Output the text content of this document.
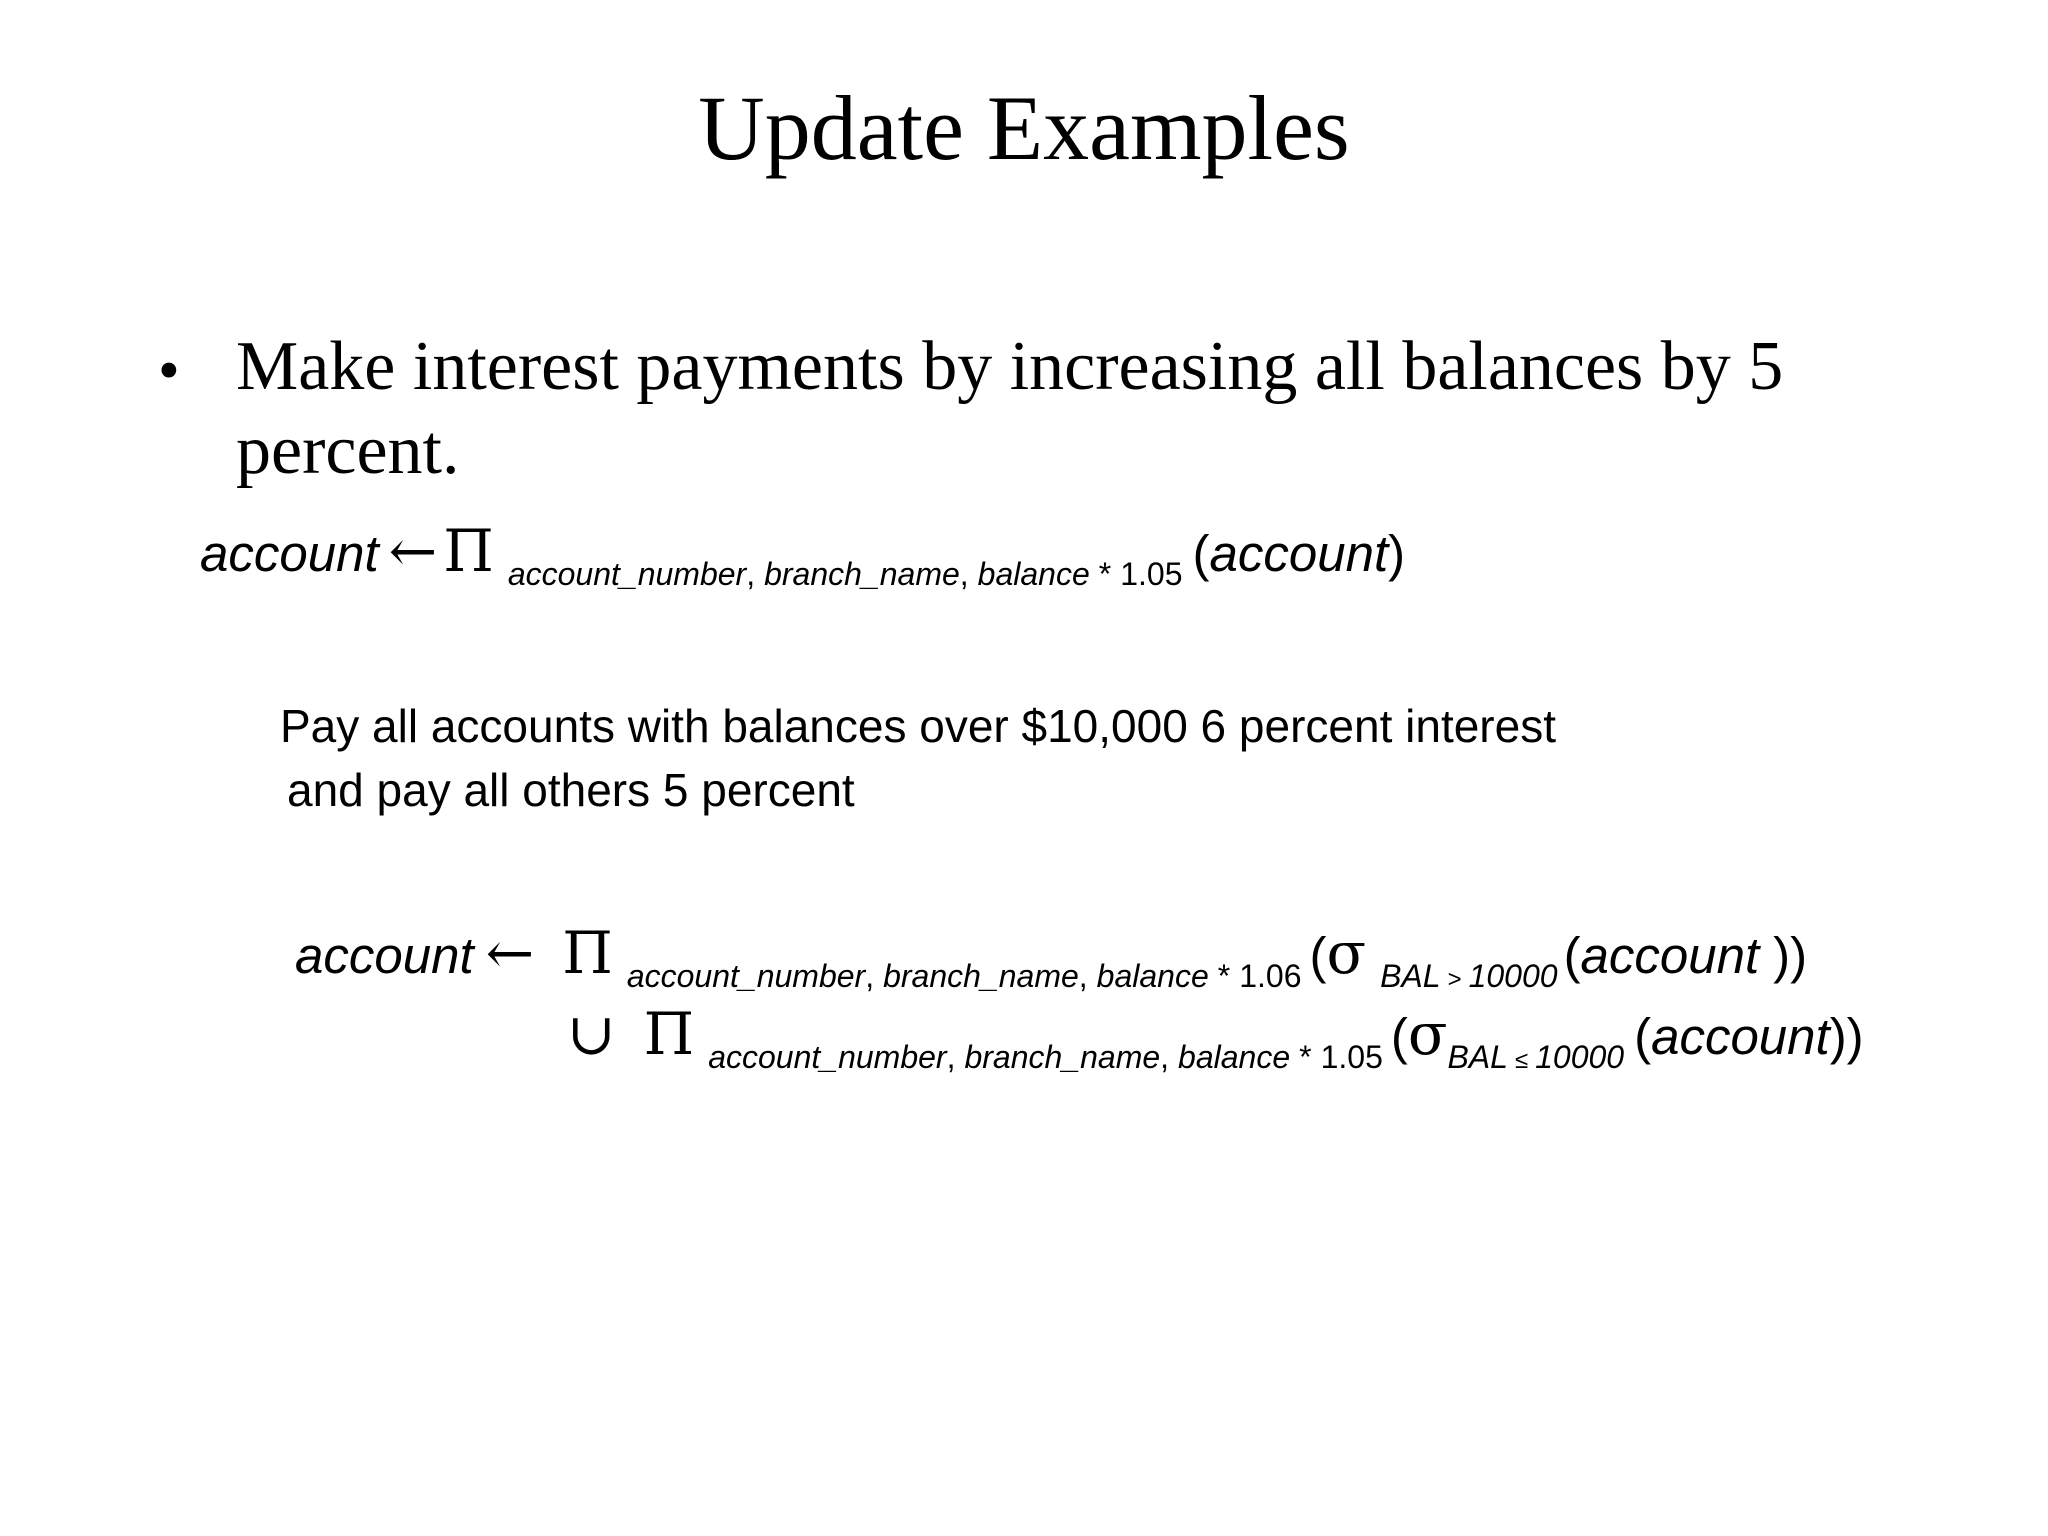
Update Examples
• Make interest payments by increasing all balances by 5
percent.
account ← Π account_number , branch_name , balance * 1.05 ( account )
Pay all accounts with balances over $10,000 6 percent interest
and pay all others 5 percent
account ← Π account_number , branch_name , balance * 1.06 ( σ BAL > 10000 ( account ))
∪ Π account_number , branch_name , balance * 1.05 ( σ BAL ≤ 10000 ( account ))
